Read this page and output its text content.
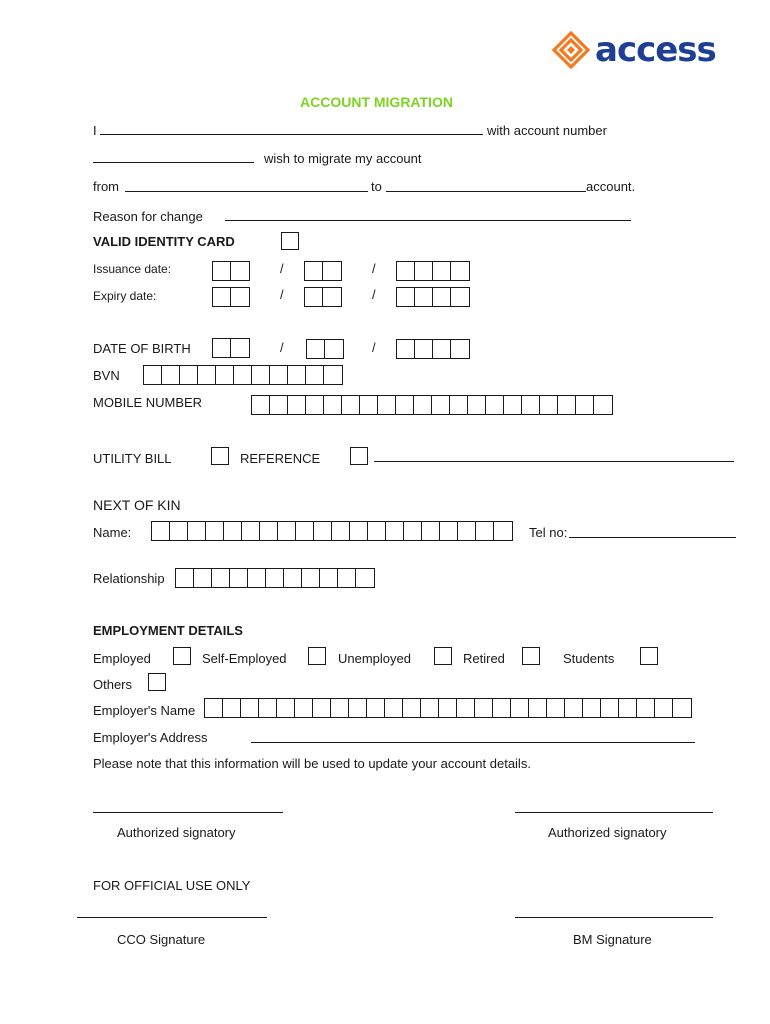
access
ACCOUNT MIGRATION
I	with account number
wish to migrate my account
from	to	account.
Reason for change
VALID IDENTITY CARD
Issuance date:	/	/
Expiry date:	/	/
DATE OF BIRTH	/	/
BVN
MOBILE NUMBER
UTILITY BILL	REFERENCE
NEXT OF KIN
Name:	Tel no:
Relationship
EMPLOYMENT DETAILS
Employed	Self-Employed	Unemployed	Retired	Students
Others
Employer's Name
Employer's Address
Please note that this information will be used to update your account details.
Authorized signatory	Authorized signatory
FOR OFFICIAL USE ONLY
CCO Signature	BM Signature
